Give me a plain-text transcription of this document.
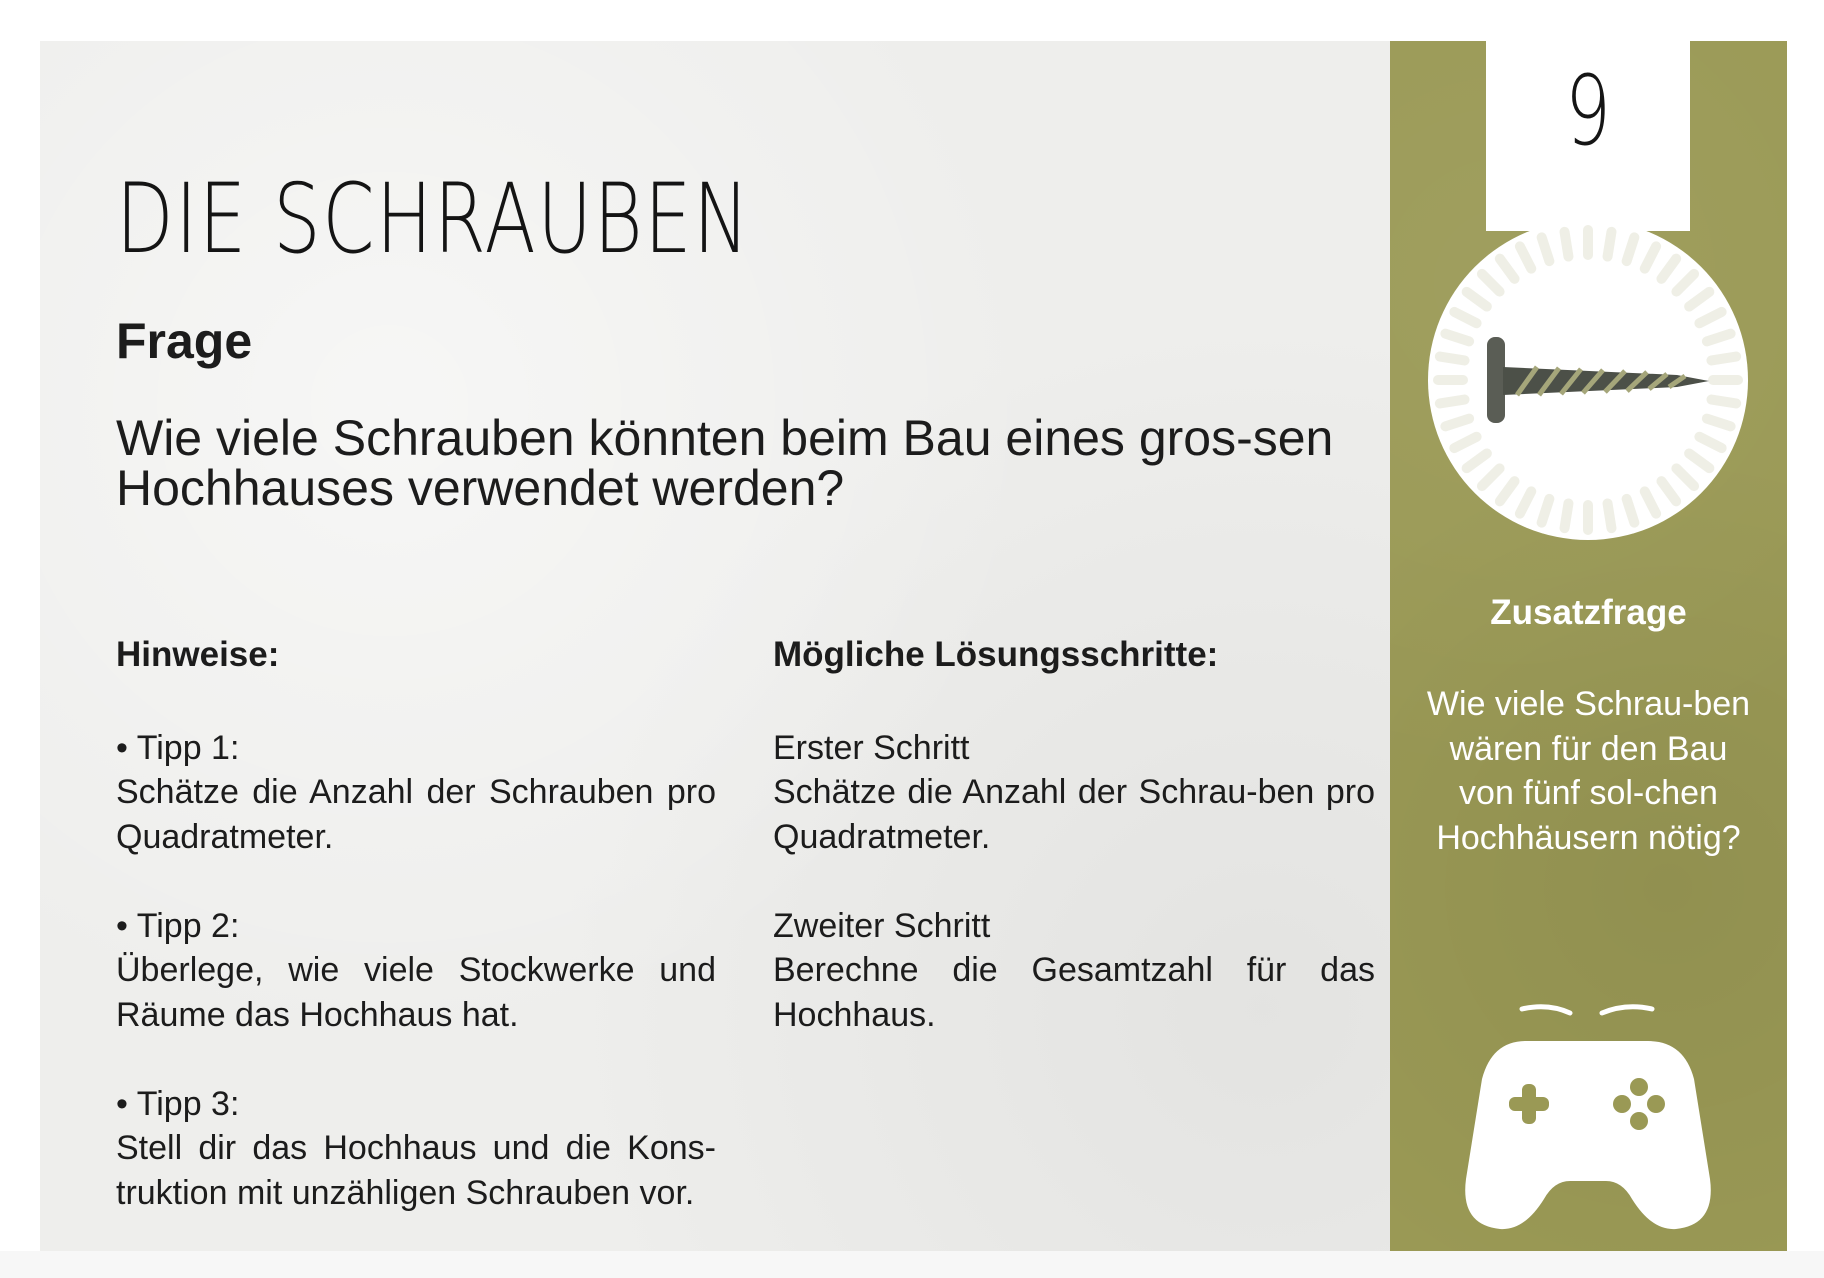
DIE SCHRAUBEN
Frage
Wie viele Schrauben könnten beim Bau eines gros-sen Hochhauses verwendet werden?
Hinweise:
• Tipp 1:
Schätze die Anzahl der Schrauben pro Quadratmeter.
• Tipp 2:
Überlege, wie viele Stockwerke und Räume das Hochhaus hat.
• Tipp 3:
Stell dir das Hochhaus und die Kons-truktion mit unzähligen Schrauben vor.
Mögliche Lösungsschritte:
Erster Schritt
Schätze die Anzahl der Schrau-ben pro Quadratmeter.
Zweiter Schritt
Berechne die Gesamtzahl für das Hochhaus.
9
Zusatzfrage
Wie viele Schrau-ben wären für den Bau von fünf sol-chen Hochhäusern nötig?
